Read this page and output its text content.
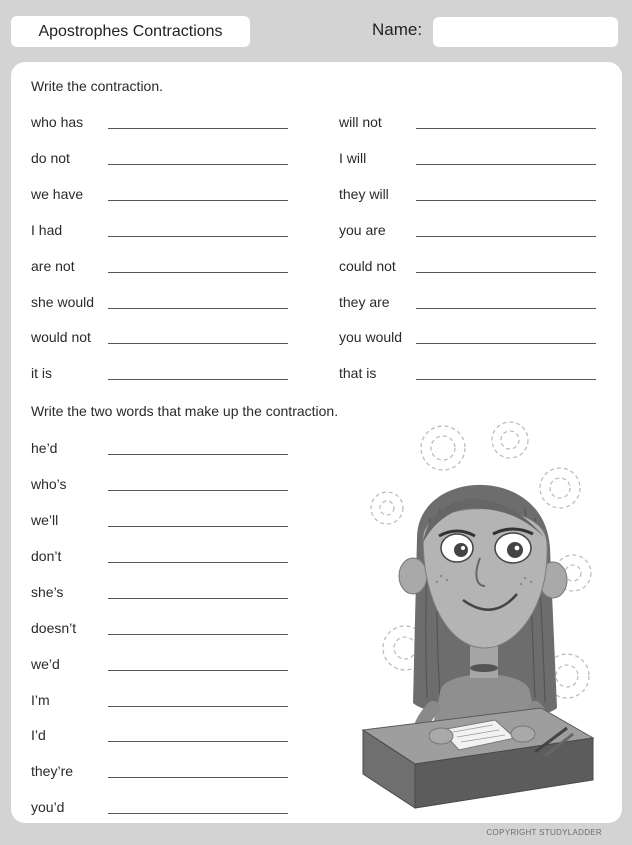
Apostrophes Contractions	Name:
Write the contraction.
who has
do not
we have
I had
are not
she would
would not
it is
will not
I will
they will
you are
could not
they are
you would
that is
Write the two words that make up the contraction.
he’d
who’s
we’ll
don’t
she’s
doesn’t
we’d
I’m
I’d
they’re
you’d
COPYRIGHT STUDYLADDER
